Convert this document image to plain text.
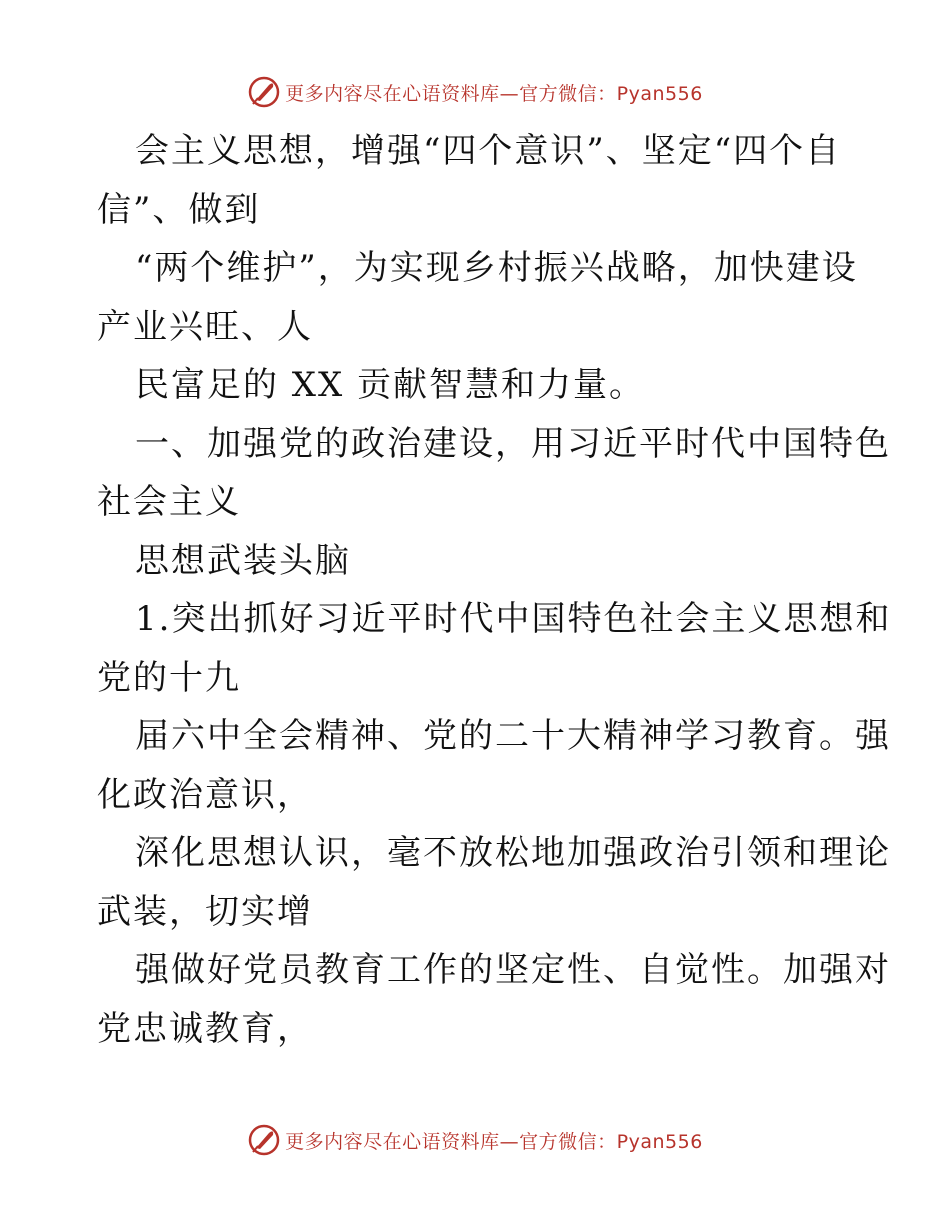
更多内容尽在心语资料库—官方微信：Pyan556

会主义思想，增强“四个意识”、坚定“四个自

信”、做到

“两个维护”，为实现乡村振兴战略，加快建设

产业兴旺、人

民富足的 XX 贡献智慧和力量。

一、加强党的政治建设，用习近平时代中国特色

社会主义

思想武装头脑

1.突出抓好习近平时代中国特色社会主义思想和

党的十九

届六中全会精神、党的二十大精神学习教育。强

化政治意识，

深化思想认识，毫不放松地加强政治引领和理论

武装，切实增

强做好党员教育工作的坚定性、自觉性。加强对

党忠诚教育，

更多内容尽在心语资料库—官方微信：Pyan556
